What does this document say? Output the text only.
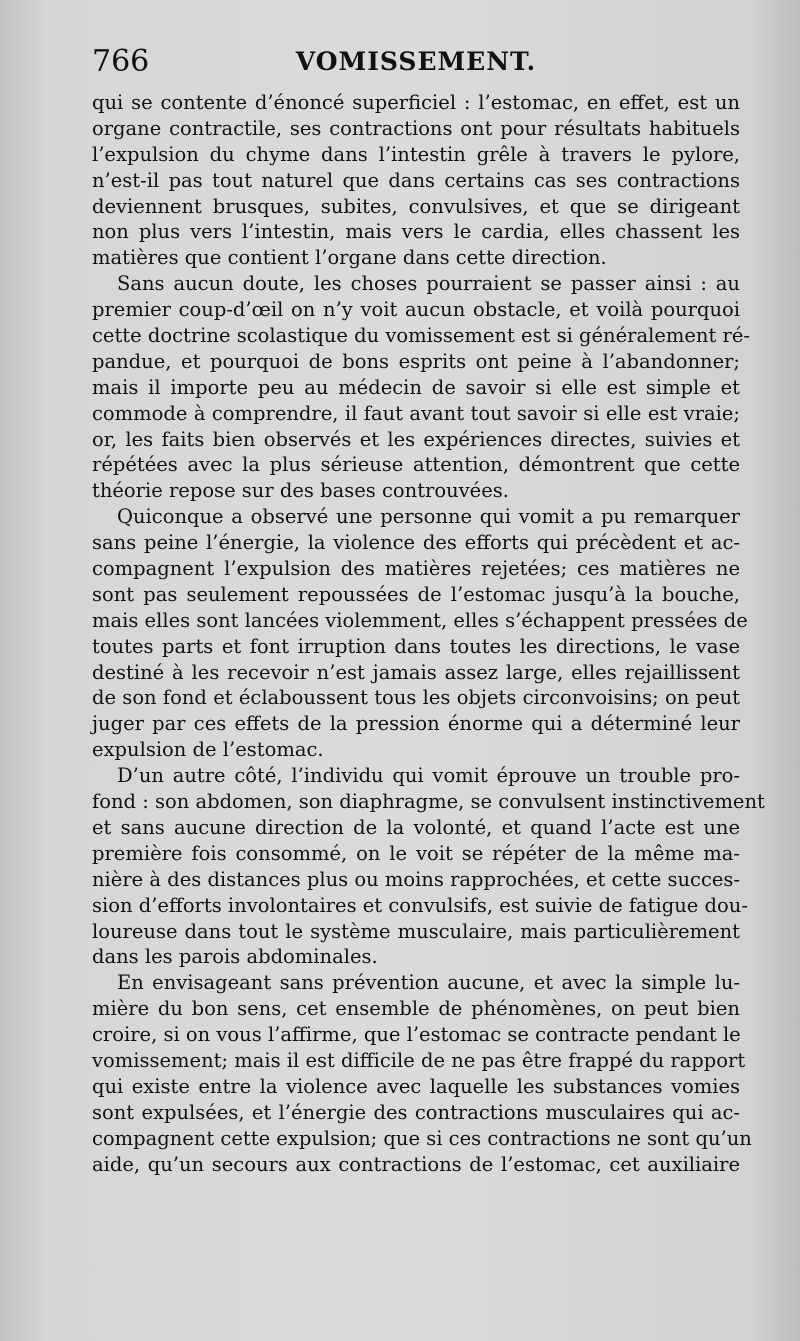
766	VOMISSEMENT.
qui se contente d’énoncé superficiel : l’estomac, en effet, est un
organe contractile, ses contractions ont pour résultats habituels
l’expulsion du chyme dans l’intestin grêle à travers le pylore,
n’est-il pas tout naturel que dans certains cas ses contractions
deviennent brusques, subites, convulsives, et que se dirigeant
non plus vers l’intestin, mais vers le cardia, elles chassent les
matières que contient l’organe dans cette direction.
Sans aucun doute, les choses pourraient se passer ainsi : au
premier coup-d’œil on n’y voit aucun obstacle, et voilà pourquoi
cette doctrine scolastique du vomissement est si généralement ré-
pandue, et pourquoi de bons esprits ont peine à l’abandonner;
mais il importe peu au médecin de savoir si elle est simple et
commode à comprendre, il faut avant tout savoir si elle est vraie;
or, les faits bien observés et les expériences directes, suivies et
répétées avec la plus sérieuse attention, démontrent que cette
théorie repose sur des bases controuvées.
Quiconque a observé une personne qui vomit a pu remarquer
sans peine l’énergie, la violence des efforts qui précèdent et ac-
compagnent l’expulsion des matières rejetées; ces matières ne
sont pas seulement repoussées de l’estomac jusqu’à la bouche,
mais elles sont lancées violemment, elles s’échappent pressées de
toutes parts et font irruption dans toutes les directions, le vase
destiné à les recevoir n’est jamais assez large, elles rejaillissent
de son fond et éclaboussent tous les objets circonvoisins; on peut
juger par ces effets de la pression énorme qui a déterminé leur
expulsion de l’estomac.
D’un autre côté, l’individu qui vomit éprouve un trouble pro-
fond : son abdomen, son diaphragme, se convulsent instinctivement
et sans aucune direction de la volonté, et quand l’acte est une
première fois consommé, on le voit se répéter de la même ma-
nière à des distances plus ou moins rapprochées, et cette succes-
sion d’efforts involontaires et convulsifs, est suivie de fatigue dou-
loureuse dans tout le système musculaire, mais particulièrement
dans les parois abdominales.
En envisageant sans prévention aucune, et avec la simple lu-
mière du bon sens, cet ensemble de phénomènes, on peut bien
croire, si on vous l’affirme, que l’estomac se contracte pendant le
vomissement; mais il est difficile de ne pas être frappé du rapport
qui existe entre la violence avec laquelle les substances vomies
sont expulsées, et l’énergie des contractions musculaires qui ac-
compagnent cette expulsion; que si ces contractions ne sont qu’un
aide, qu’un secours aux contractions de l’estomac, cet auxiliaire
